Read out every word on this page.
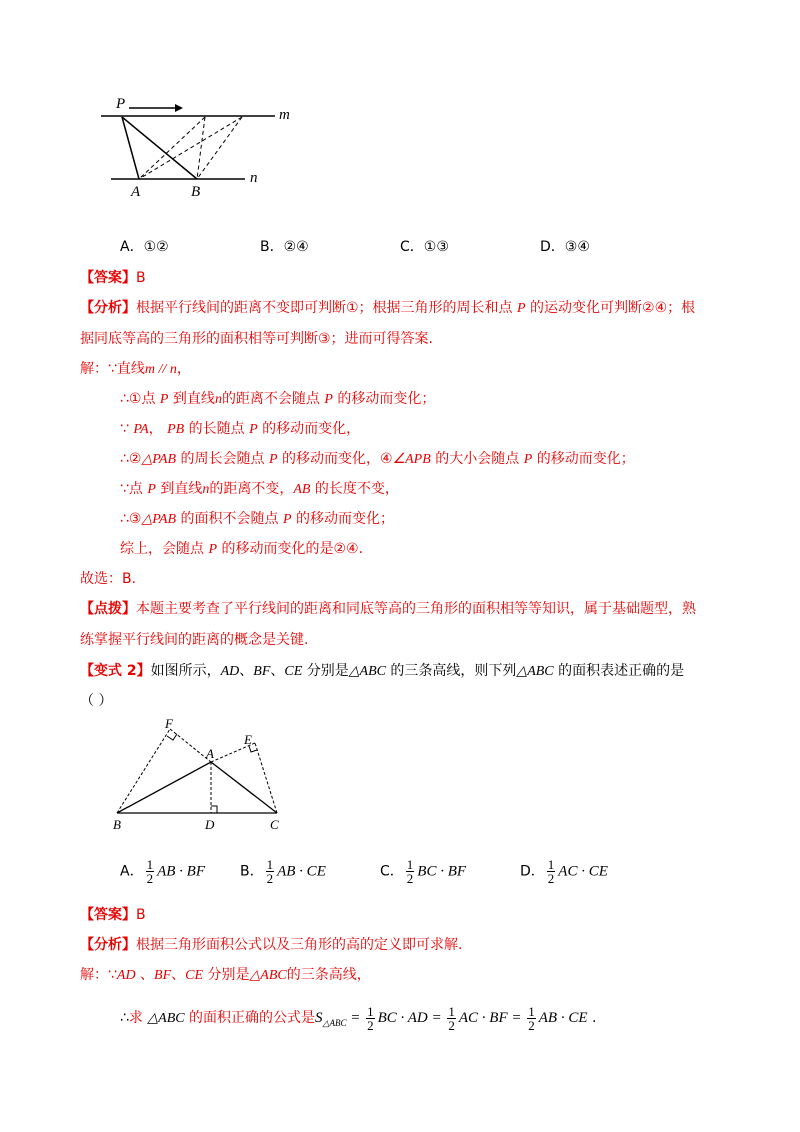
P
m
A	B
n
A．①②	B．②④	C．①③	D．③④
【答案】B
【分析】根据平行线间的距离不变即可判断①；根据三角形的周长和点 P 的运动变化可判断②④；根
据同底等高的三角形的面积相等可判断③；进而可得答案.
解：∵直线m // n，
∴①点 P 到直线n的距离不会随点 P 的移动而变化；
∵ PA， PB 的长随点 P 的移动而变化，
∴②△PAB 的周长会随点 P 的移动而变化，④∠APB 的大小会随点 P 的移动而变化；
∵点 P 到直线n的距离不变，AB 的长度不变，
∴③△PAB 的面积不会随点 P 的移动而变化；
综上，会随点 P 的移动而变化的是②④.
故选：B.
【点拨】本题主要考查了平行线间的距离和同底等高的三角形的面积相等等知识，属于基础题型，熟
练掌握平行线间的距离的概念是关键.
【变式 2】如图所示，AD、BF、CE 分别是△ABC 的三条高线，则下列△ABC 的面积表述正确的是
（ ）
F
A
E
B	D	C
A． $\frac{1}{2}$ AB · BF	B． $\frac{1}{2}$ AB · CE	C． $\frac{1}{2}$ BC · BF	D． $\frac{1}{2}$ AC · CE
【答案】B
【分析】根据三角形面积公式以及三角形的高的定义即可求解.
解：∵AD 、BF、CE 分别是△ABC的三条高线，
∴求 △ABC 的面积正确的公式是$S_{\triangle ABC} = \frac{1}{2}$ BC · AD = $\frac{1}{2}$ AC · BF = $\frac{1}{2}$ AB · CE .
